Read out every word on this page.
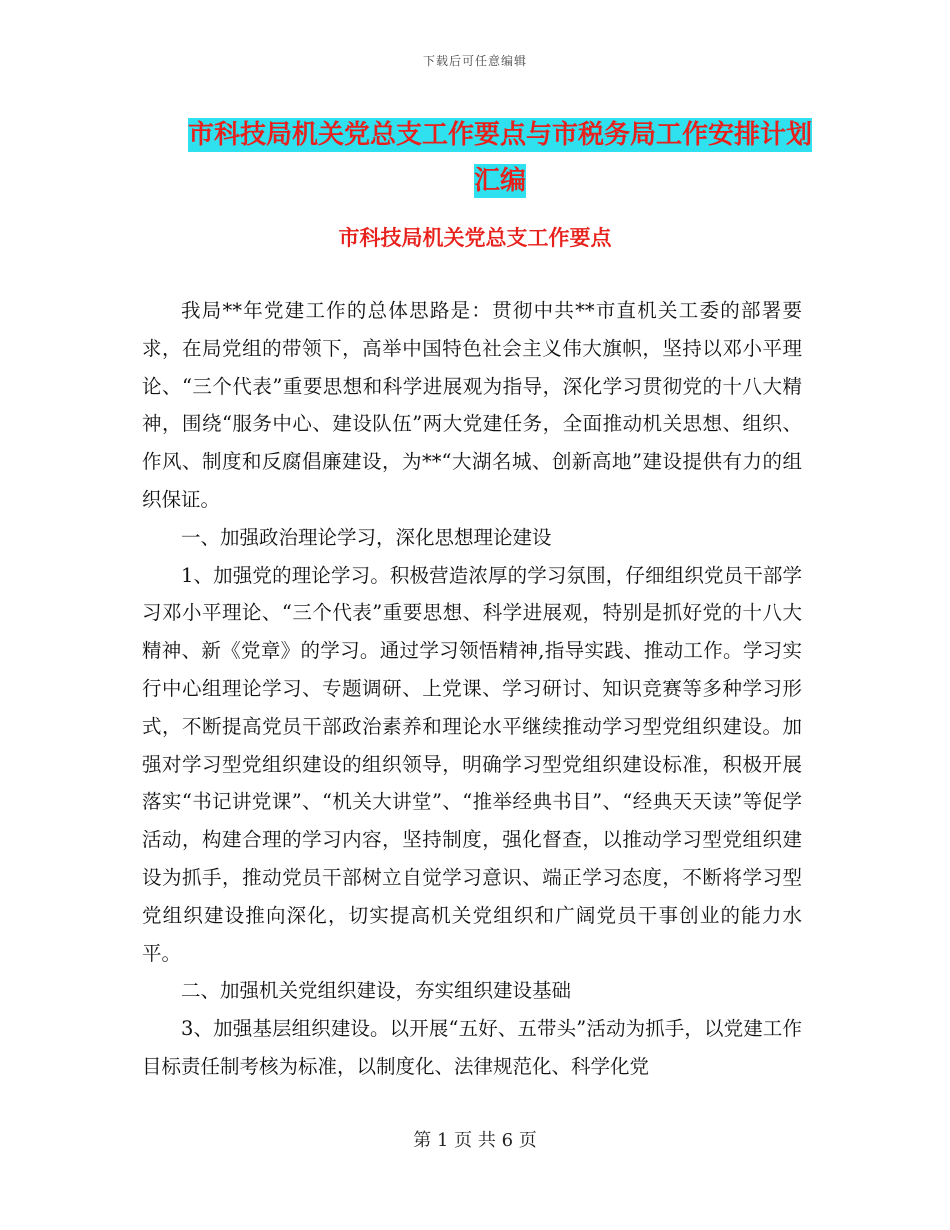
下载后可任意编辑
市科技局机关党总支工作要点与市税务局工作安排计划汇编
市科技局机关党总支工作要点

我局**年党建工作的总体思路是：贯彻中共**市直机关工委的部署要求，在局党组的带领下，高举中国特色社会主义伟大旗帜，坚持以邓小平理论、“三个代表”重要思想和科学进展观为指导，深化学习贯彻党的十八大精神，围绕“服务中心、建设队伍”两大党建任务，全面推动机关思想、组织、作风、制度和反腐倡廉建设，为**“大湖名城、创新高地”建设提供有力的组织保证。

一、加强政治理论学习，深化思想理论建设

1、加强党的理论学习。积极营造浓厚的学习氛围，仔细组织党员干部学习邓小平理论、“三个代表”重要思想、科学进展观，特别是抓好党的十八大精神、新《党章》的学习。通过学习领悟精神,指导实践、推动工作。学习实行中心组理论学习、专题调研、上党课、学习研讨、知识竞赛等多种学习形式，不断提高党员干部政治素养和理论水平继续推动学习型党组织建设。加强对学习型党组织建设的组织领导，明确学习型党组织建设标准，积极开展落实“书记讲党课”、“机关大讲堂”、“推举经典书目”、“经典天天读”等促学活动，构建合理的学习内容，坚持制度，强化督查，以推动学习型党组织建设为抓手，推动党员干部树立自觉学习意识、端正学习态度，不断将学习型党组织建设推向深化，切实提高机关党组织和广阔党员干事创业的能力水平。

二、加强机关党组织建设，夯实组织建设基础

3、加强基层组织建设。以开展“五好、五带头”活动为抓手，以党建工作目标责任制考核为标准，以制度化、法律规范化、科学化党

第 1 页 共 6 页
